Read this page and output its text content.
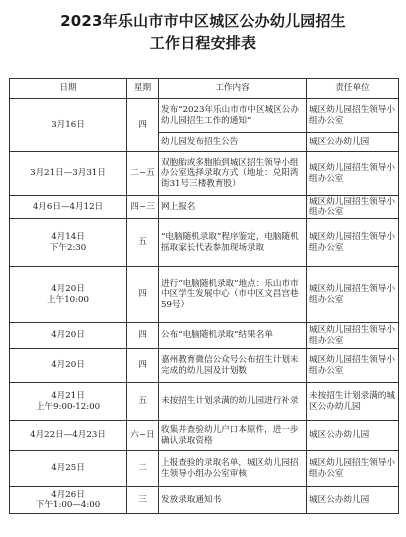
2023年乐山市市中区城区公办幼儿园招生
工作日程安排表
日期	星期	工作内容	责任单位
3月16日	四	发布“2023年乐山市市中区城区公办幼儿园招生工作的通知”	城区幼儿园招生领导小组办公室
		幼儿园发布招生公告	城区公办幼儿园
3月21日—3月31日	二~五	双胞胎或多胞胎到城区招生领导小组办公室选择录取方式（地址：兑阳湾街31号三楼教育股）	城区幼儿园招生领导小组办公室
4月6日—4月12日	四~三	网上报名	城区幼儿园招生领导小组办公室

4月14日
下午2:30	五	“电脑随机录取”程序鉴定，电脑随机摇取家长代表参加现场录取	城区幼儿园招生领导小组办公室

4月20日
上午10:00	四	进行“电脑随机录取”地点：乐山市市中区学生发展中心（市中区文昌宫巷59号）	城区幼儿园招生领导小组办公室
4月20日	四	公布“电脑随机录取”结果名单	城区幼儿园招生领导小组办公室
4月20日	四	嘉州教育微信公众号公布招生计划未完成的幼儿园及计划数	城区幼儿园招生领导小组办公室

4月21日
上午9:00-12:00	五	未按招生计划录满的幼儿园进行补录	未按招生计划录满的城区公办幼儿园
4月22日—4月23日	六~日	收集并查验幼儿户口本原件，进一步确认录取资格	城区公办幼儿园
4月25日	二	上报查验的录取名单，城区幼儿园招生领导小组办公室审核	城区幼儿园招生领导小组办公室

4月26日
下午1:00—4:00	三	发放录取通知书	城区公办幼儿园
